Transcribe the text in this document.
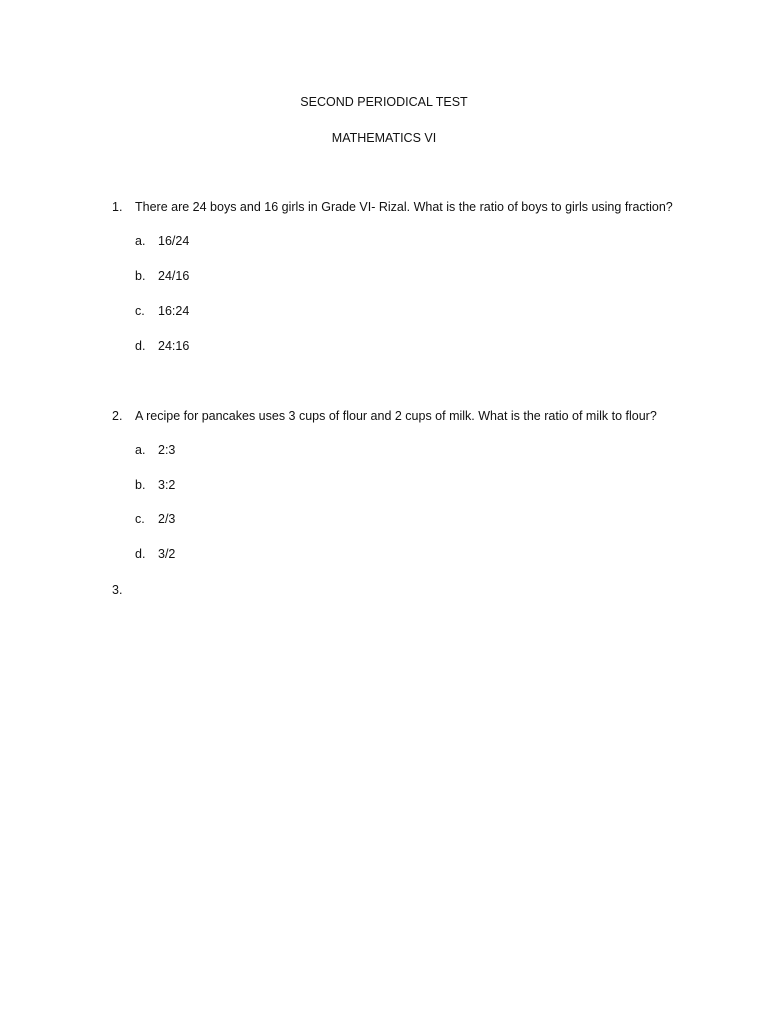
SECOND PERIODICAL TEST
MATHEMATICS VI
1. There are 24 boys and 16 girls in Grade VI- Rizal. What is the ratio of boys to girls using fraction?
a. 16/24
b. 24/16
c. 16:24
d. 24:16
2. A recipe for pancakes uses 3 cups of flour and 2 cups of milk. What is the ratio of milk to flour?
a. 2:3
b. 3:2
c. 2/3
d. 3/2
3.
